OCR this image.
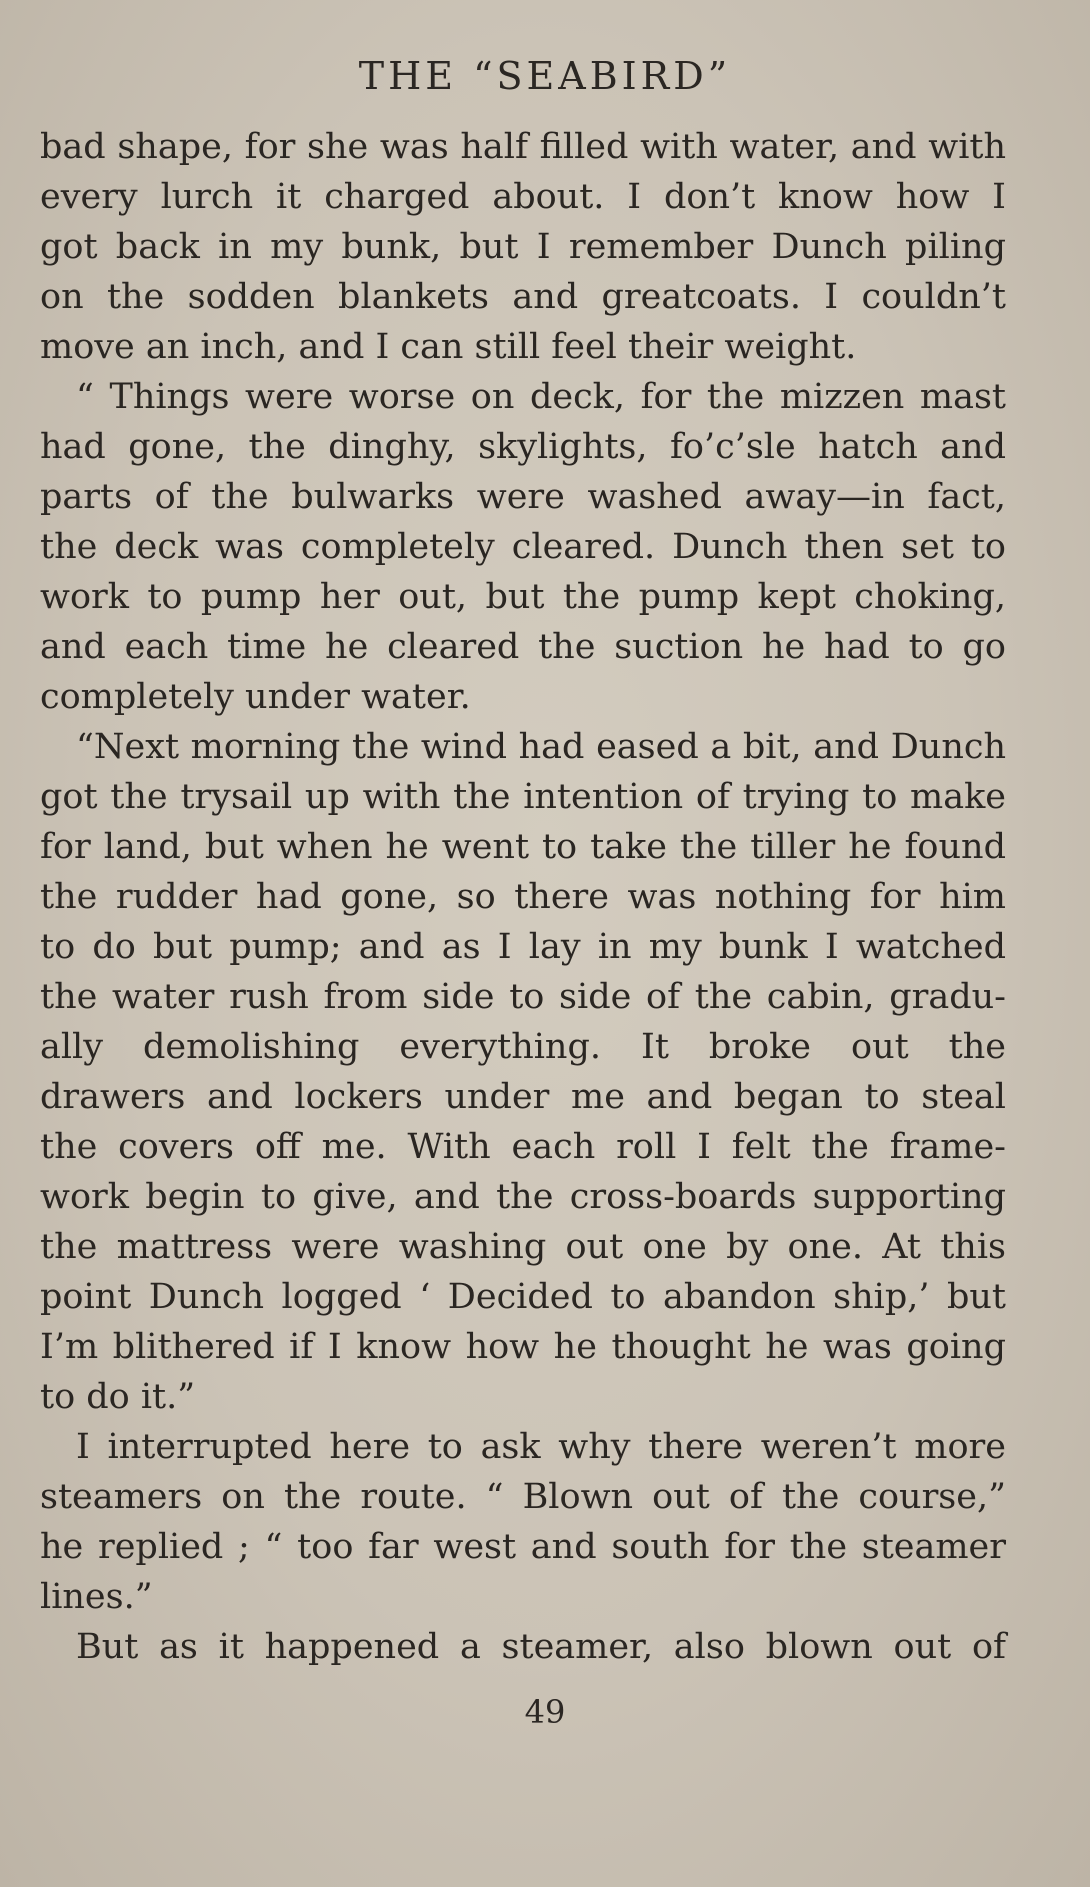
THE “SEABIRD”
bad shape, for she was half filled with water, and with
every lurch it charged about. I don’t know how I
got back in my bunk, but I remember Dunch piling
on the sodden blankets and greatcoats. I couldn’t
move an inch, and I can still feel their weight.
“ Things were worse on deck, for the mizzen mast
had gone, the dinghy, skylights, fo’c’sle hatch and
parts of the bulwarks were washed away—in fact,
the deck was completely cleared. Dunch then set to
work to pump her out, but the pump kept choking,
and each time he cleared the suction he had to go
completely under water.
“Next morning the wind had eased a bit, and Dunch
got the trysail up with the intention of trying to make
for land, but when he went to take the tiller he found
the rudder had gone, so there was nothing for him
to do but pump; and as I lay in my bunk I watched
the water rush from side to side of the cabin, gradu-
ally demolishing everything. It broke out the
drawers and lockers under me and began to steal
the covers off me. With each roll I felt the frame-
work begin to give, and the cross-boards supporting
the mattress were washing out one by one. At this
point Dunch logged ‘ Decided to abandon ship,’ but
I’m blithered if I know how he thought he was going
to do it.”
I interrupted here to ask why there weren’t more
steamers on the route. “ Blown out of the course,”
he replied ; “ too far west and south for the steamer
lines.”
But as it happened a steamer, also blown out of
49
